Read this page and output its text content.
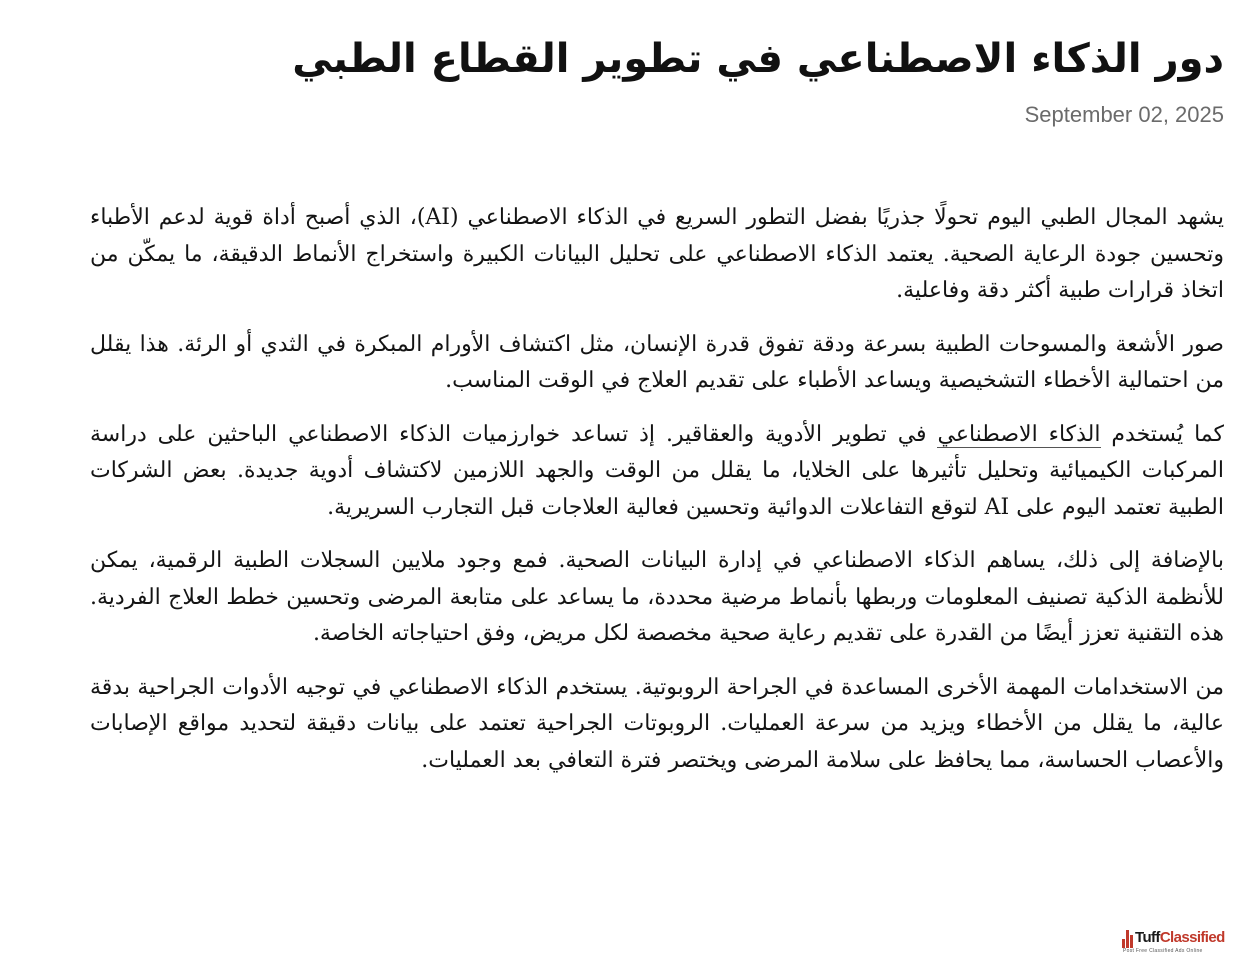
دور الذكاء الاصطناعي في تطوير القطاع الطبي
September 02, 2025

يشهد المجال الطبي اليوم تحولًا جذريًا بفضل التطور السريع في الذكاء الاصطناعي (AI)، الذي أصبح أداة قوية لدعم الأطباء وتحسين جودة الرعاية الصحية. يعتمد الذكاء الاصطناعي على تحليل البيانات الكبيرة واستخراج الأنماط الدقيقة، ما يمكّن من اتخاذ قرارات طبية أكثر دقة وفاعلية.

صور الأشعة والمسوحات الطبية بسرعة ودقة تفوق قدرة الإنسان، مثل اكتشاف الأورام المبكرة في الثدي أو الرئة. هذا يقلل من احتمالية الأخطاء التشخيصية ويساعد الأطباء على تقديم العلاج في الوقت المناسب.

كما يُستخدم الذكاء الاصطناعي في تطوير الأدوية والعقاقير. إذ تساعد خوارزميات الذكاء الاصطناعي الباحثين على دراسة المركبات الكيميائية وتحليل تأثيرها على الخلايا، ما يقلل من الوقت والجهد اللازمين لاكتشاف أدوية جديدة. بعض الشركات الطبية تعتمد اليوم على AI لتوقع التفاعلات الدوائية وتحسين فعالية العلاجات قبل التجارب السريرية.

بالإضافة إلى ذلك، يساهم الذكاء الاصطناعي في إدارة البيانات الصحية. فمع وجود ملايين السجلات الطبية الرقمية، يمكن للأنظمة الذكية تصنيف المعلومات وربطها بأنماط مرضية محددة، ما يساعد على متابعة المرضى وتحسين خطط العلاج الفردية. هذه التقنية تعزز أيضًا من القدرة على تقديم رعاية صحية مخصصة لكل مريض، وفق احتياجاته الخاصة.

من الاستخدامات المهمة الأخرى المساعدة في الجراحة الروبوتية. يستخدم الذكاء الاصطناعي في توجيه الأدوات الجراحية بدقة عالية، ما يقلل من الأخطاء ويزيد من سرعة العمليات. الروبوتات الجراحية تعتمد على بيانات دقيقة لتحديد مواقع الإصابات والأعصاب الحساسة، مما يحافظ على سلامة المرضى ويختصر فترة التعافي بعد العمليات.

TuffClassified
Post Free Classified Ads Online
